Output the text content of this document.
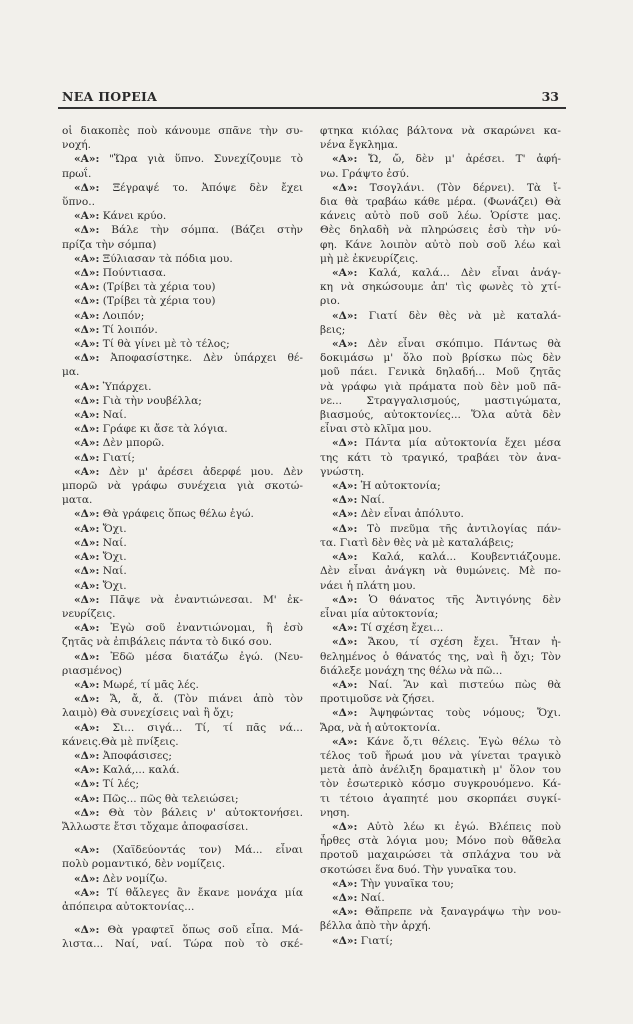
ΝΕΑ ΠΟΡΕΙΑ	33
οἱ διακοπὲς ποὺ κάνουμε σπᾶνε τὴν συ-
νοχή.
«Α»: "Ὥρα γιὰ ὕπνο. Συνεχίζουμε τὸ
πρωΐ.
«Δ»: Ξέγραψέ το. Ἀπόψε δὲν ἔχει
ὕπνο..
«Α»: Κάνει κρύο.
«Δ»: Βάλε τὴν σόμπα. (Βάζει στὴν
πρίζα τὴν σόμπα)
«Α»: Ξύλιασαν τὰ πόδια μου.
«Δ»: Πούντιασα.
«Α»: (Τρίβει τὰ χέρια του)
«Δ»: (Τρίβει τὰ χέρια του)
«Α»: Λοιπόν;
«Δ»: Τί λοιπόν.
«Α»: Τί θὰ γίνει μὲ τὸ τέλος;
«Δ»: Ἀποφασίστηκε. Δὲν ὑπάρχει θέ-
μα.
«Α»: Ὑπάρχει.
«Δ»: Γιὰ τὴν νουβέλλα;
«Α»: Ναί.
«Δ»: Γράφε κι ἄσε τὰ λόγια.
«Α»: Δὲν μπορῶ.
«Δ»: Γιατί;
«Α»: Δὲν μ' ἀρέσει ἀδερφέ μου. Δὲν
μπορῶ νὰ γράφω συνέχεια γιὰ σκοτώ-
ματα.
«Δ»: Θὰ γράφεις ὅπως θέλω ἐγώ.
«Α»: Ὄχι.
«Δ»: Ναί.
«Α»: Ὄχι.
«Δ»: Ναί.
«Α»: Ὄχι.
«Δ»: Πᾶψε νὰ ἐναντιώνεσαι. Μ' ἐκ-
νευρίζεις.
«Α»: Ἐγὼ σοῦ ἐναντιώνομαι, ἢ ἐσὺ
ζητᾶς νὰ ἐπιβάλεις πάντα τὸ δικό σου.
«Δ»: Ἐδῶ μέσα διατάζω ἐγώ. (Νευ-
ριασμένος)
«Α»: Μωρέ, τί μᾶς λές.
«Δ»: Ἄ, ἄ, ἄ. (Τὸν πιάνει ἀπὸ τὸν
λαιμὸ) Θὰ συνεχίσεις ναὶ ἢ ὄχι;
«Α»: Σι... σιγά... Τί, τί πᾶς νά...
κάνεις.Θὰ μὲ πνίξεις.
«Δ»: Ἀποφάσισες;
«Α»: Καλά,... καλά.
«Δ»: Τί λές;
«Α»: Πῶς... πῶς θὰ τελειώσει;
«Δ»: Θὰ τὸν βάλεις ν' αὐτοκτονήσει.
Ἄλλωστε ἔτσι τὄχαμε ἀποφασίσει.
«Α»: (Χαϊδεύοντάς τον) Μά... εἶναι
πολὺ ρομαντικό, δὲν νομίζεις.
«Δ»: Δὲν νομίζω.
«Α»: Τί θἄλεγες ἂν ἔκανε μονάχα μία
ἀπόπειρα αὐτοκτονίας...
«Δ»: Θὰ γραφτεῖ ὅπως σοῦ εἶπα. Μά-
λιστα... Ναί, ναί. Τώρα ποὺ τὸ σκέ-
φτηκα κιόλας βάλτονα νὰ σκαρώνει κα-
νένα ἔγκλημα.
«Α»: Ὤ, ὤ, δὲν μ' ἀρέσει. Τ' ἀφή-
νω. Γράψτο ἐσύ.
«Δ»: Τσογλάνι. (Τὸν δέρνει). Τὰ ἴ-
δια θὰ τραβάω κάθε μέρα. (Φωνάζει) Θὰ
κάνεις αὐτὸ ποῦ σοῦ λέω. Ὁρίστε μας.
Θὲς δηλαδὴ νὰ πληρώσεις ἐσὺ τὴν νύ-
φη. Κάνε λοιπὸν αὐτὸ ποὺ σοῦ λέω καὶ
μὴ μὲ ἐκνευρίζεις.
«Α»: Καλά, καλά... Δὲν εἶναι ἀνάγ-
κη νὰ σηκώσουμε ἀπ' τὶς φωνὲς τὸ χτί-
ριο.
«Δ»: Γιατί δὲν θὲς νὰ μὲ καταλά-
βεις;
«Α»: Δὲν εἶναι σκόπιμο. Πάντως θὰ
δοκιμάσω μ' ὅλο ποὺ βρίσκω πὼς δὲν
μοῦ πάει. Γενικὰ δηλαδή... Μοῦ ζητᾶς
νὰ γράφω γιὰ πράματα ποὺ δὲν μοῦ πᾶ-
νε... Στραγγαλισμούς, μαστιγώματα,
βιασμούς, αὐτοκτονίες... Ὅλα αὐτὰ δὲν
εἶναι στὸ κλῖμα μου.
«Δ»: Πάντα μία αὐτοκτονία ἔχει μέσα
της κάτι τὸ τραγικό, τραβάει τὸν ἀνα-
γνώστη.
«Α»: Ἡ αὐτοκτονία;
«Δ»: Ναί.
«Α»: Δὲν εἶναι ἀπόλυτο.
«Δ»: Τὸ πνεῦμα τῆς ἀντιλογίας πάν-
τα. Γιατὶ δὲν θὲς νὰ μὲ καταλάβεις;
«Α»: Καλά, καλά... Κουβεντιάζουμε.
Δὲν εἶναι ἀνάγκη νὰ θυμώνεις. Μὲ πο-
νάει ἡ πλάτη μου.
«Δ»: Ὁ θάνατος τῆς Ἀντιγόνης δὲν
εἶναι μία αὐτοκτονία;
«Α»: Τί σχέση ἔχει...
«Δ»: Ἄκου, τί σχέση ἔχει. Ἦταν ἠ-
θελημένος ὁ θάνατός της, ναὶ ἢ ὄχι; Τὸν
διάλεξε μονάχη της θέλω νὰ πῶ...
«Α»: Ναί. Ἂν καὶ πιστεύω πὼς θὰ
προτιμοῦσε νὰ ζήσει.
«Δ»: Ἀψηφώντας τοὺς νόμους; Ὄχι.
Ἄρα, νὰ ἡ αὐτοκτονία.
«Α»: Κάνε ὅ,τι θέλεις. Ἐγὼ θέλω τὸ
τέλος τοῦ ἥρωά μου νὰ γίνεται τραγικὸ
μετὰ ἀπὸ ἀνέλιξη δραματικὴ μ' ὅλον του
τὸν ἐσωτερικὸ κόσμο συγκρουόμενο. Κά-
τι τέτοιο ἀγαπητέ μου σκορπάει συγκί-
νηση.
«Δ»: Αὐτὸ λέω κι ἐγώ. Βλέπεις ποὺ
ἦρθες στὰ λόγια μου; Μόνο ποὺ θἄθελα
προτοῦ μαχαιρώσει τὰ σπλάχνα του νὰ
σκοτώσει ἕνα δυό. Τὴν γυναῖκα του.
«Α»: Τὴν γυναῖκα του;
«Δ»: Ναί.
«Α»: Θἄπρεπε νὰ ξαναγράψω τὴν νου-
βέλλα ἀπὸ τὴν ἀρχή.
«Δ»: Γιατί;
